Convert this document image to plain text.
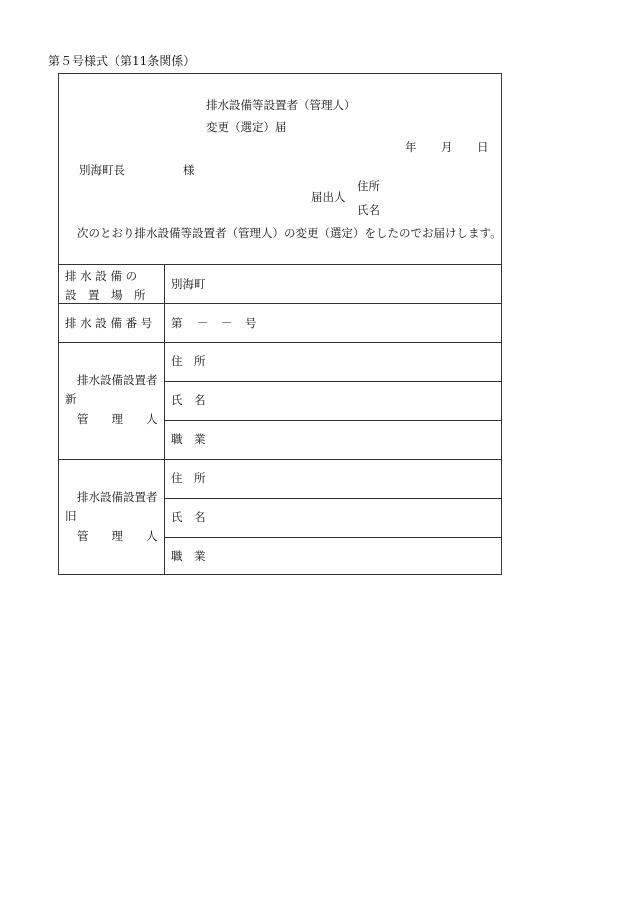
第５号様式（第11条関係）
排水設備等設置者（管理人）
変更（選定）届
年 月 日
別海町長	様
住所
届出人
氏名
次のとおり排水設備等設置者（管理人）の変更（選定）をしたのでお届けします。
排 水 設 備 の
設　置　場　所
別海町
排 水 設 備 番 号 第 － － 号
排水設備設置者
新
管　　理　　人
住　所
氏　名
職　業
排水設備設置者
旧
管　　理　　人
住　所
氏　名
職　業
